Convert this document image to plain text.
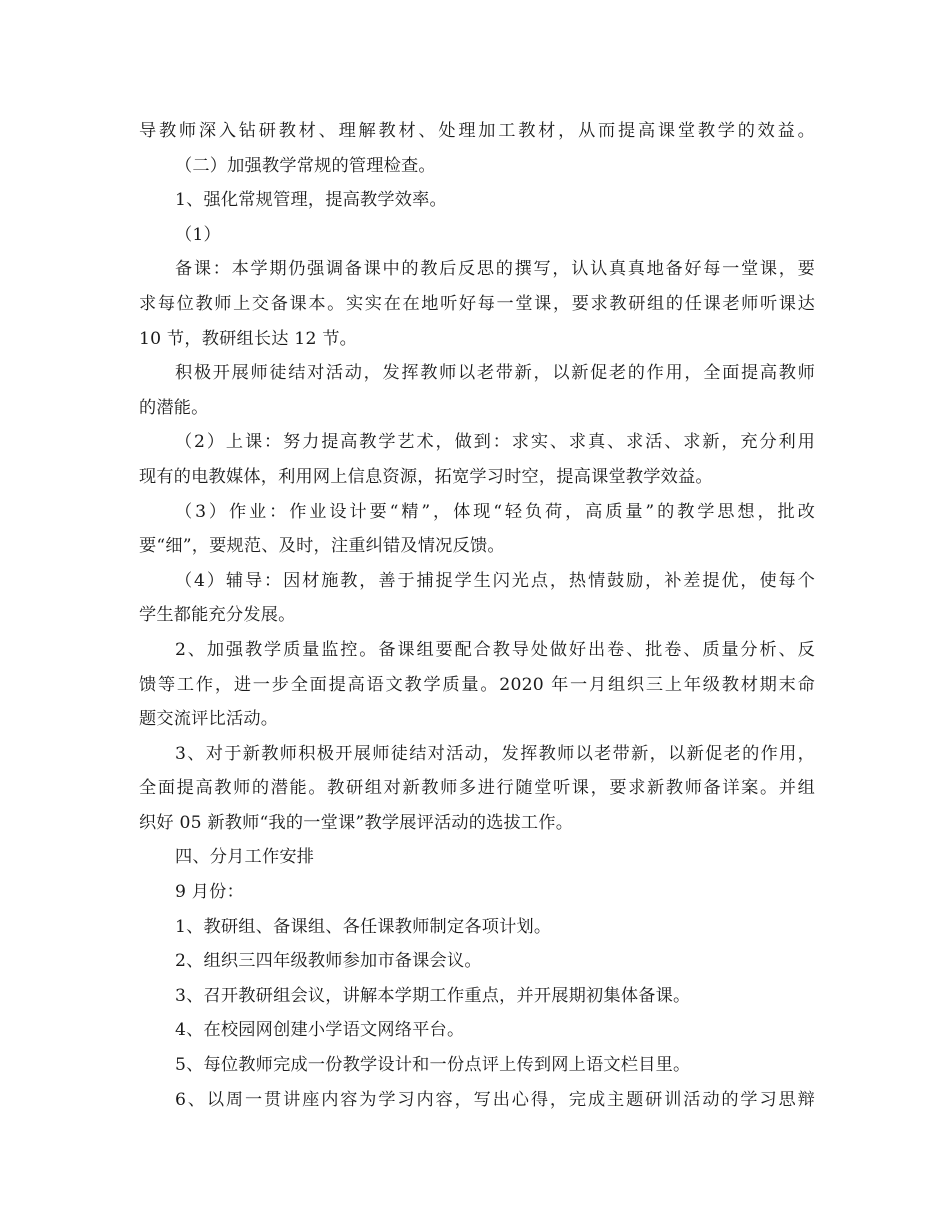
导教师深入钻研教材、理解教材、处理加工教材，从而提高课堂教学的效益。
（二）加强教学常规的管理检查。
1、强化常规管理，提高教学效率。
（1）
备课：本学期仍强调备课中的教后反思的撰写，认认真真地备好每一堂课，要
求每位教师上交备课本。实实在在地听好每一堂课，要求教研组的任课老师听课达
10 节，教研组长达 12 节。
积极开展师徒结对活动，发挥教师以老带新，以新促老的作用，全面提高教师
的潜能。
（2）上课：努力提高教学艺术，做到：求实、求真、求活、求新，充分利用
现有的电教媒体，利用网上信息资源，拓宽学习时空，提高课堂教学效益。
（3）作业：作业设计要“精”，体现“轻负荷，高质量”的教学思想，批改
要“细”，要规范、及时，注重纠错及情况反馈。
（4）辅导：因材施教，善于捕捉学生闪光点，热情鼓励，补差提优，使每个
学生都能充分发展。
2、加强教学质量监控。备课组要配合教导处做好出卷、批卷、质量分析、反
馈等工作，进一步全面提高语文教学质量。2020 年一月组织三上年级教材期末命
题交流评比活动。
3、对于新教师积极开展师徒结对活动，发挥教师以老带新，以新促老的作用，
全面提高教师的潜能。教研组对新教师多进行随堂听课，要求新教师备详案。并组
织好 05 新教师“我的一堂课”教学展评活动的选拔工作。
四、分月工作安排
9 月份：
1、教研组、备课组、各任课教师制定各项计划。
2、组织三四年级教师参加市备课会议。
3、召开教研组会议，讲解本学期工作重点，并开展期初集体备课。
4、在校园网创建小学语文网络平台。
5、每位教师完成一份教学设计和一份点评上传到网上语文栏目里。
6、以周一贯讲座内容为学习内容，写出心得，完成主题研训活动的学习思辩
